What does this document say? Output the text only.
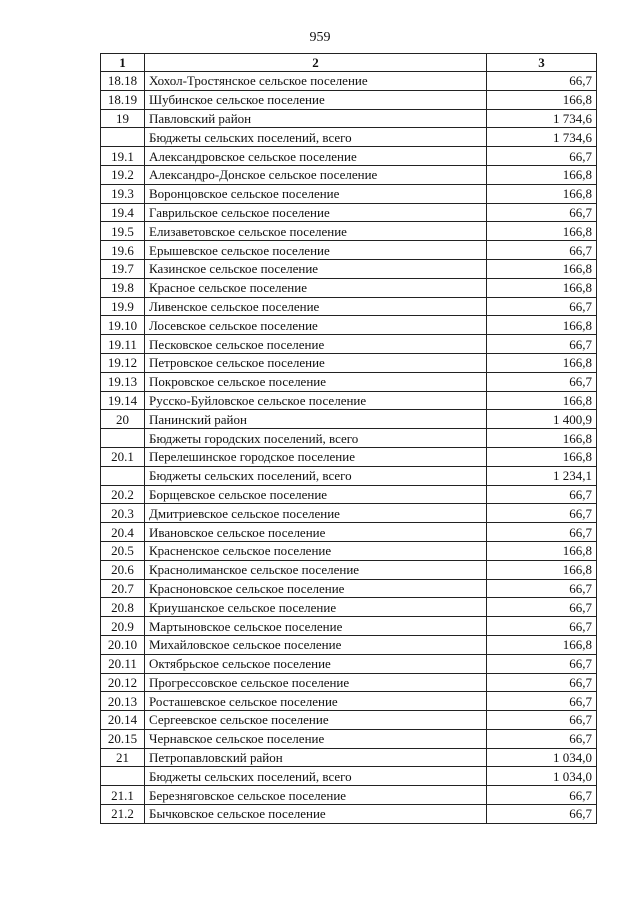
959
1	2	3
18.18	Хохол-Тростянское сельское поселение	66,7
18.19	Шубинское сельское поселение	166,8
19	Павловский район	1 734,6
	Бюджеты сельских поселений, всего	1 734,6
19.1	Александровское сельское поселение	66,7
19.2	Александро-Донское сельское поселение	166,8
19.3	Воронцовское сельское поселение	166,8
19.4	Гаврильское сельское поселение	66,7
19.5	Елизаветовское сельское поселение	166,8
19.6	Ерышевское сельское поселение	66,7
19.7	Казинское сельское поселение	166,8
19.8	Красное сельское поселение	166,8
19.9	Ливенское сельское поселение	66,7
19.10	Лосевское сельское поселение	166,8
19.11	Песковское сельское поселение	66,7
19.12	Петровское сельское поселение	166,8
19.13	Покровское сельское поселение	66,7
19.14	Русско-Буйловское сельское поселение	166,8
20	Панинский район	1 400,9
	Бюджеты городских поселений, всего	166,8
20.1	Перелешинское городское поселение	166,8
	Бюджеты сельских поселений, всего	1 234,1
20.2	Борщевское сельское поселение	66,7
20.3	Дмитриевское сельское поселение	66,7
20.4	Ивановское сельское поселение	66,7
20.5	Красненское сельское поселение	166,8
20.6	Краснолиманское сельское поселение	166,8
20.7	Красноновское сельское поселение	66,7
20.8	Криушанское сельское поселение	66,7
20.9	Мартыновское сельское поселение	66,7
20.10	Михайловское сельское поселение	166,8
20.11	Октябрьское сельское поселение	66,7
20.12	Прогрессовское сельское поселение	66,7
20.13	Росташевское сельское поселение	66,7
20.14	Сергеевское сельское поселение	66,7
20.15	Чернавское сельское поселение	66,7
21	Петропавловский район	1 034,0
	Бюджеты сельских поселений, всего	1 034,0
21.1	Березняговское сельское поселение	66,7
21.2	Бычковское сельское поселение	66,7
